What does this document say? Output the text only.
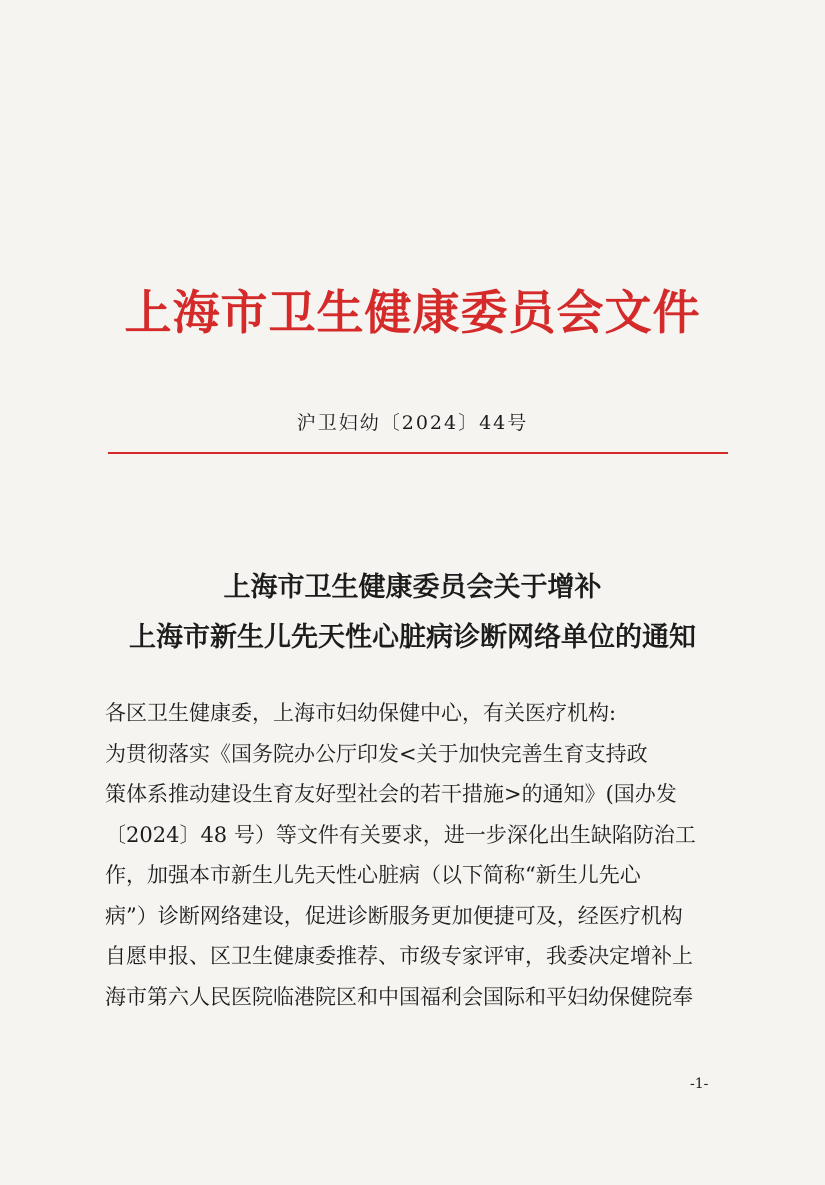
上海市卫生健康委员会文件
沪卫妇幼〔2024〕44号
上海市卫生健康委员会关于增补
上海市新生儿先天性心脏病诊断网络单位的通知
各区卫生健康委，上海市妇幼保健中心，有关医疗机构:
为贯彻落实《国务院办公厅印发<关于加快完善生育支持政
策体系推动建设生育友好型社会的若干措施>的通知》(国办发
〔2024〕48 号）等文件有关要求，进一步深化出生缺陷防治工
作，加强本市新生儿先天性心脏病（以下简称“新生儿先心
病”）诊断网络建设，促进诊断服务更加便捷可及，经医疗机构
自愿申报、区卫生健康委推荐、市级专家评审，我委决定增补上
海市第六人民医院临港院区和中国福利会国际和平妇幼保健院奉
-1-
